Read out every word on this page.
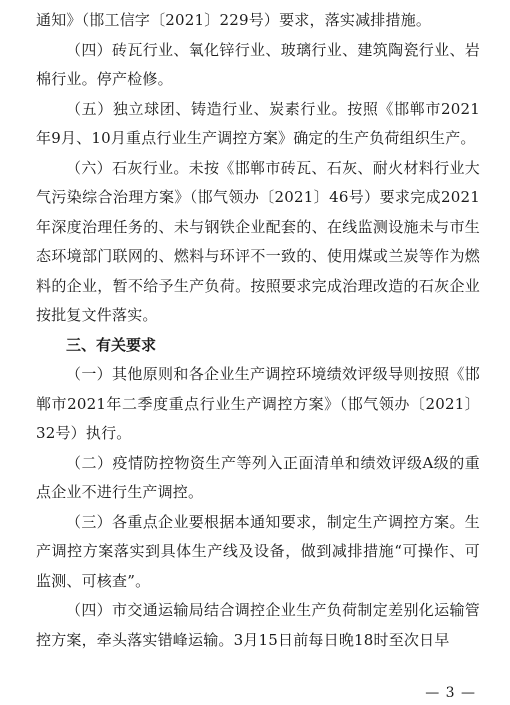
通知》（邯工信字〔2021〕229号）要求，落实减排措施。

（四）砖瓦行业、氧化锌行业、玻璃行业、建筑陶瓷行业、岩棉行业。停产检修。

（五）独立球团、铸造行业、炭素行业。按照《邯郸市2021年9月、10月重点行业生产调控方案》确定的生产负荷组织生产。

（六）石灰行业。未按《邯郸市砖瓦、石灰、耐火材料行业大气污染综合治理方案》（邯气领办〔2021〕46号）要求完成2021年深度治理任务的、未与钢铁企业配套的、在线监测设施未与市生态环境部门联网的、燃料与环评不一致的、使用煤或兰炭等作为燃料的企业，暂不给予生产负荷。按照要求完成治理改造的石灰企业按批复文件落实。

三、有关要求

（一）其他原则和各企业生产调控环境绩效评级导则按照《邯郸市2021年二季度重点行业生产调控方案》（邯气领办〔2021〕32号）执行。

（二）疫情防控物资生产等列入正面清单和绩效评级A级的重点企业不进行生产调控。

（三）各重点企业要根据本通知要求，制定生产调控方案。生产调控方案落实到具体生产线及设备，做到减排措施“可操作、可监测、可核查”。

（四）市交通运输局结合调控企业生产负荷制定差别化运输管控方案，牵头落实错峰运输。3月15日前每日晚18时至次日早

— 3 —
